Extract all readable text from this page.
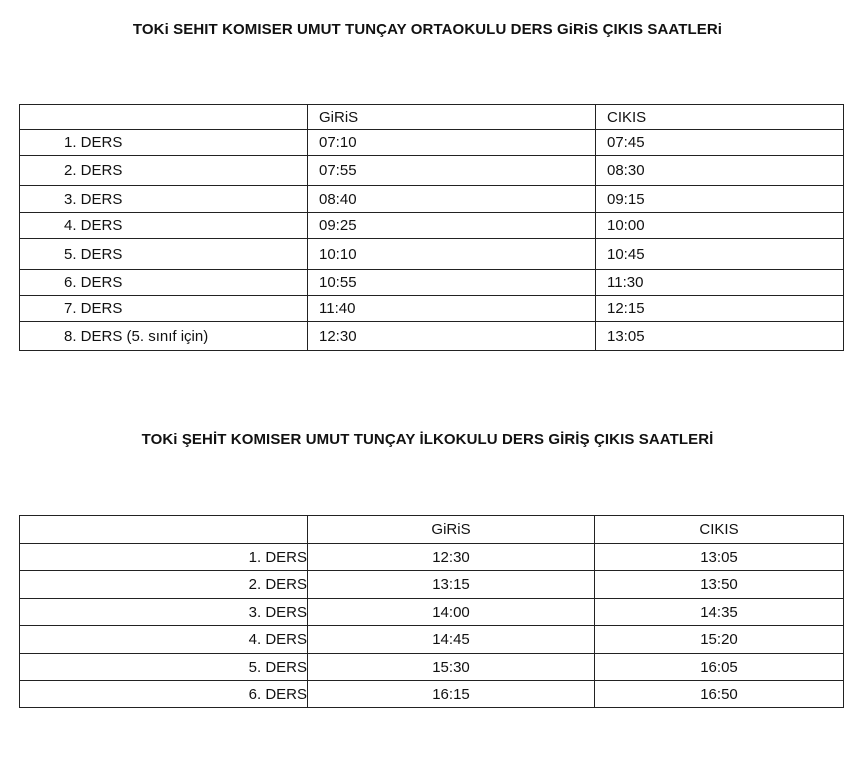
TOKi SEHIT KOMISER UMUT TUNÇAY ORTAOKULU DERS GiRiS ÇIKIS SAATLERi
	GiRiS	CIKIS
1. DERS	07:10	07:45
2. DERS	07:55	08:30
3. DERS	08:40	09:15
4. DERS	09:25	10:00
5. DERS	10:10	10:45
6. DERS	10:55	11:30
7. DERS	11:40	12:15
8. DERS (5. sınıf için)	12:30	13:05
TOKi ŞEHİT KOMISER UMUT TUNÇAY İLKOKULU DERS GİRİŞ ÇIKIS SAATLERİ
	GiRiS	CIKIS
1. DERS	12:30	13:05
2. DERS	13:15	13:50
3. DERS	14:00	14:35
4. DERS	14:45	15:20
5. DERS	15:30	16:05
6. DERS	16:15	16:50
